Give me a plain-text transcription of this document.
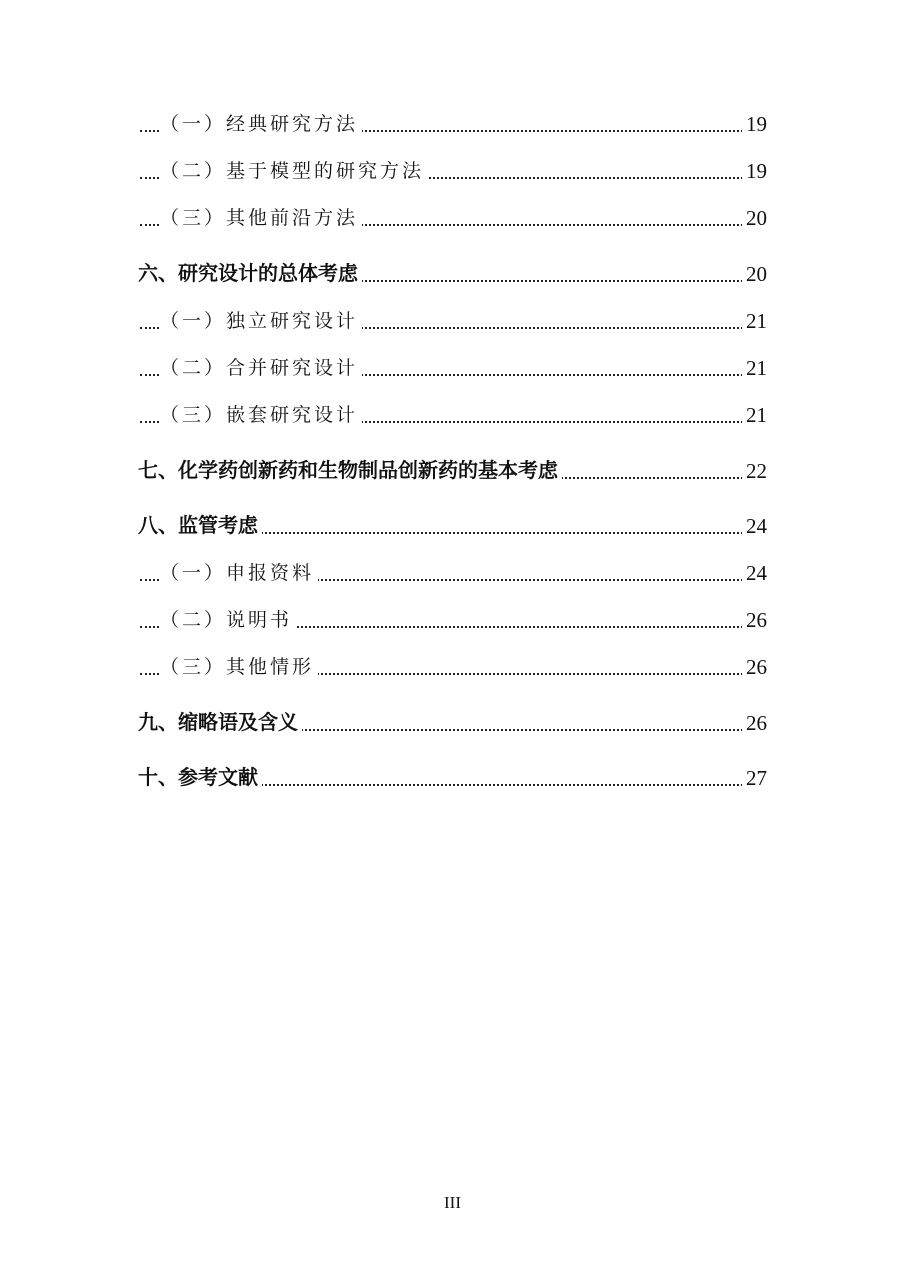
（一）经典研究方法	19
（二）基于模型的研究方法	19
（三）其他前沿方法	20
六、研究设计的总体考虑	20
（一）独立研究设计	21
（二）合并研究设计	21
（三）嵌套研究设计	21
七、化学药创新药和生物制品创新药的基本考虑	22
八、监管考虑	24
（一）申报资料	24
（二）说明书	26
（三）其他情形	26
九、缩略语及含义	26
十、参考文献	27
III
